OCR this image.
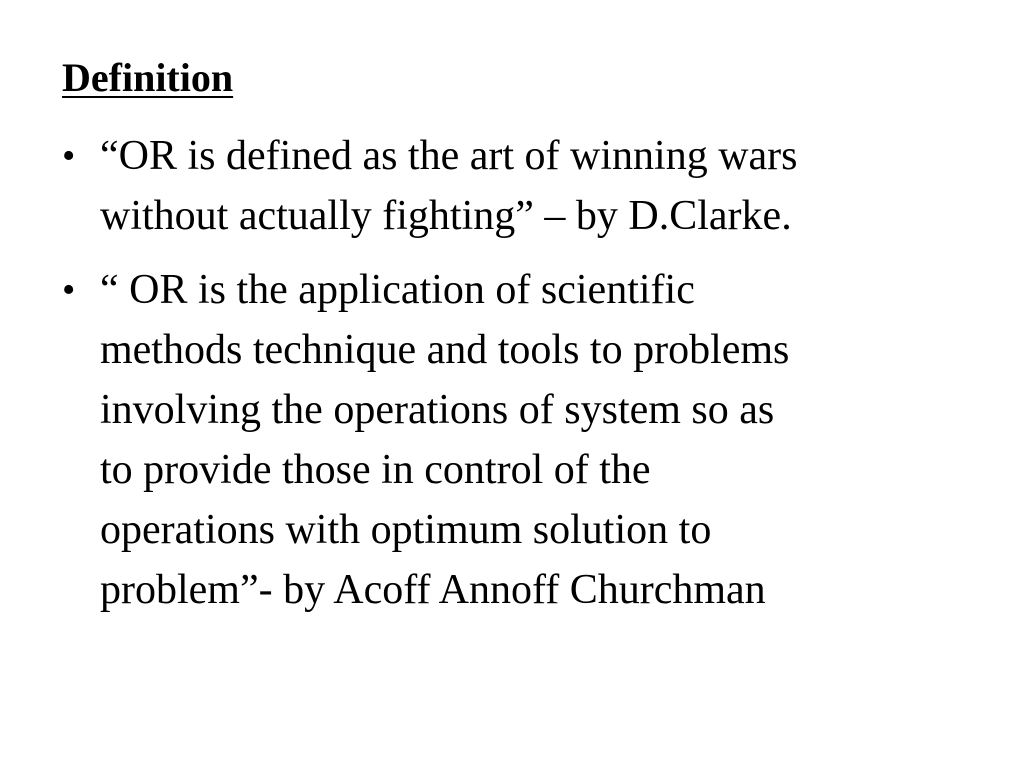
Definition
• “OR is defined as the art of winning wars
without actually fighting” – by D.Clarke.
• “ OR is the application of scientific
methods technique and tools to problems
involving the operations of system so as
to provide those in control of the
operations with optimum solution to
problem”- by Acoff Annoff Churchman
